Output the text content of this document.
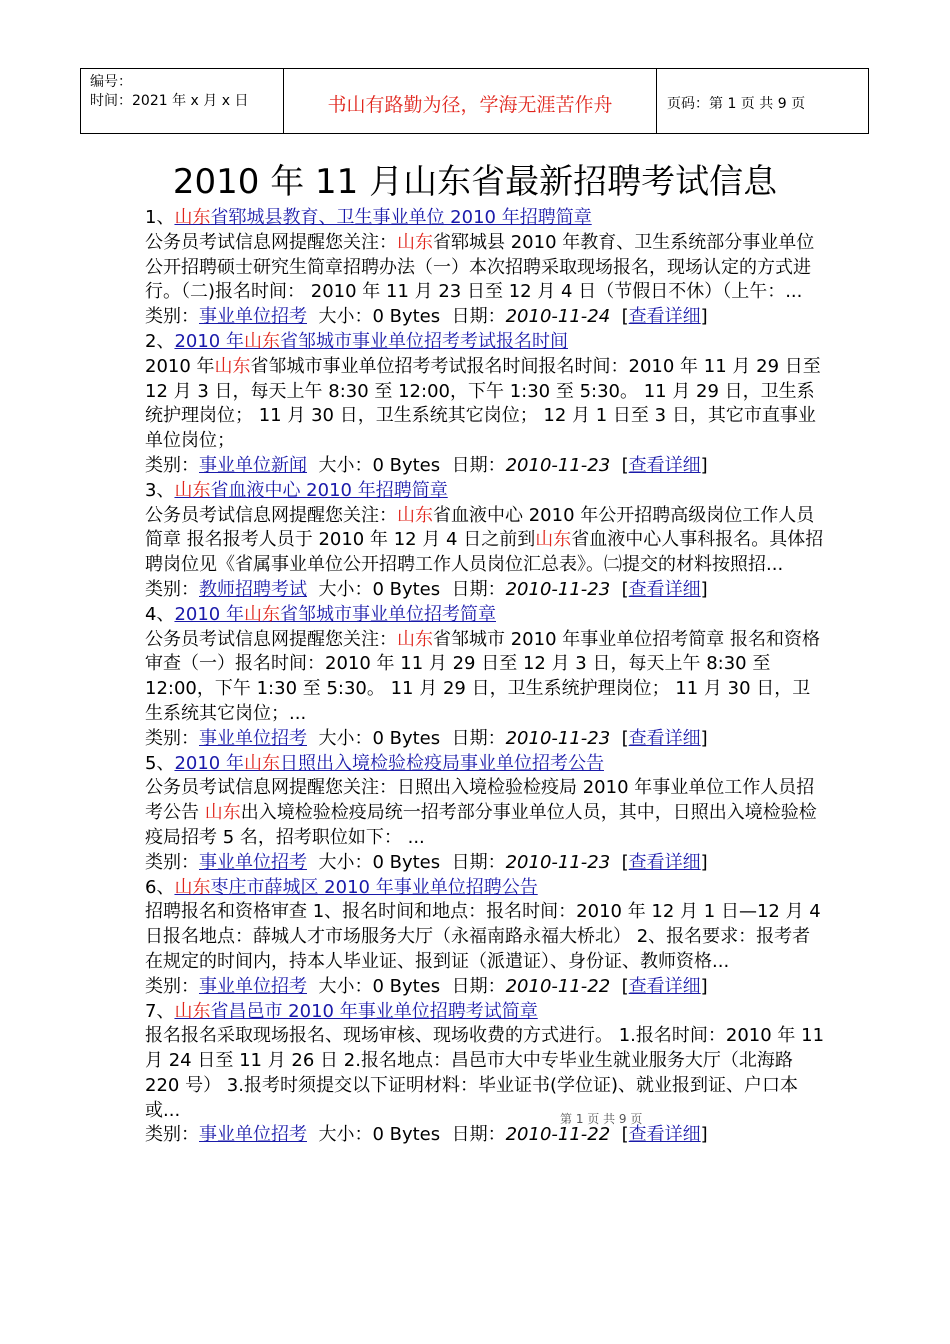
编号：
时间：2021 年 x 月 x 日	书山有路勤为径，学海无涯苦作舟	页码：第 1 页 共 9 页
2010 年 11 月山东省最新招聘考试信息

1、山东省郓城县教育、卫生事业单位 2010 年招聘简章

公务员考试信息网提醒您关注：山东省郓城县 2010 年教育、卫生系统部分事业单位公开招聘硕士研究生简章招聘办法（一）本次招聘采取现场报名，现场认定的方式进行。（二)报名时间： 2010 年 11 月 23 日至 12 月 4 日（节假日不休）（上午：...

类别：事业单位招考  大小：0 Bytes  日期：2010-11-24  [查看详细]

2、2010 年山东省邹城市事业单位招考考试报名时间

2010 年山东省邹城市事业单位招考考试报名时间报名时间：2010 年 11 月 29 日至 12 月 3 日，每天上午 8:30 至 12:00，下午 1:30 至 5:30。 11 月 29 日，卫生系统护理岗位； 11 月 30 日，卫生系统其它岗位； 12 月 1 日至 3 日，其它市直事业单位岗位；

类别：事业单位新闻  大小：0 Bytes  日期：2010-11-23  [查看详细]

3、山东省血液中心 2010 年招聘简章

公务员考试信息网提醒您关注：山东省血液中心 2010 年公开招聘高级岗位工作人员简章 报名报考人员于 2010 年 12 月 4 日之前到山东省血液中心人事科报名。具体招聘岗位见《省属事业单位公开招聘工作人员岗位汇总表》。㈡提交的材料按照招...

类别：教师招聘考试  大小：0 Bytes  日期：2010-11-23  [查看详细]

4、2010 年山东省邹城市事业单位招考简章

公务员考试信息网提醒您关注：山东省邹城市 2010 年事业单位招考简章 报名和资格审查（一）报名时间：2010 年 11 月 29 日至 12 月 3 日，每天上午 8:30 至 12:00，下午 1:30 至 5:30。 11 月 29 日，卫生系统护理岗位； 11 月 30 日，卫生系统其它岗位；...

类别：事业单位招考  大小：0 Bytes  日期：2010-11-23  [查看详细]

5、2010 年山东日照出入境检验检疫局事业单位招考公告

公务员考试信息网提醒您关注：日照出入境检验检疫局 2010 年事业单位工作人员招考公告 山东出入境检验检疫局统一招考部分事业单位人员，其中，日照出入境检验检疫局招考 5 名，招考职位如下： ...

类别：事业单位招考  大小：0 Bytes  日期：2010-11-23  [查看详细]

6、山东枣庄市薛城区 2010 年事业单位招聘公告

招聘报名和资格审查 1、报名时间和地点：报名时间：2010 年 12 月 1 日—12 月 4 日报名地点：薛城人才市场服务大厅（永福南路永福大桥北） 2、报名要求：报考者在规定的时间内，持本人毕业证、报到证（派遣证）、身份证、教师资格...

类别：事业单位招考  大小：0 Bytes  日期：2010-11-22  [查看详细]

7、山东省昌邑市 2010 年事业单位招聘考试简章

报名报名采取现场报名、现场审核、现场收费的方式进行。 1.报名时间：2010 年 11 月 24 日至 11 月 26 日 2.报名地点：昌邑市大中专毕业生就业服务大厅（北海路 220 号） 3.报考时须提交以下证明材料：毕业证书(学位证)、就业报到证、户口本或...

类别：事业单位招考  大小：0 Bytes  日期：2010-11-22  [查看详细]

第 1 页 共 9 页
